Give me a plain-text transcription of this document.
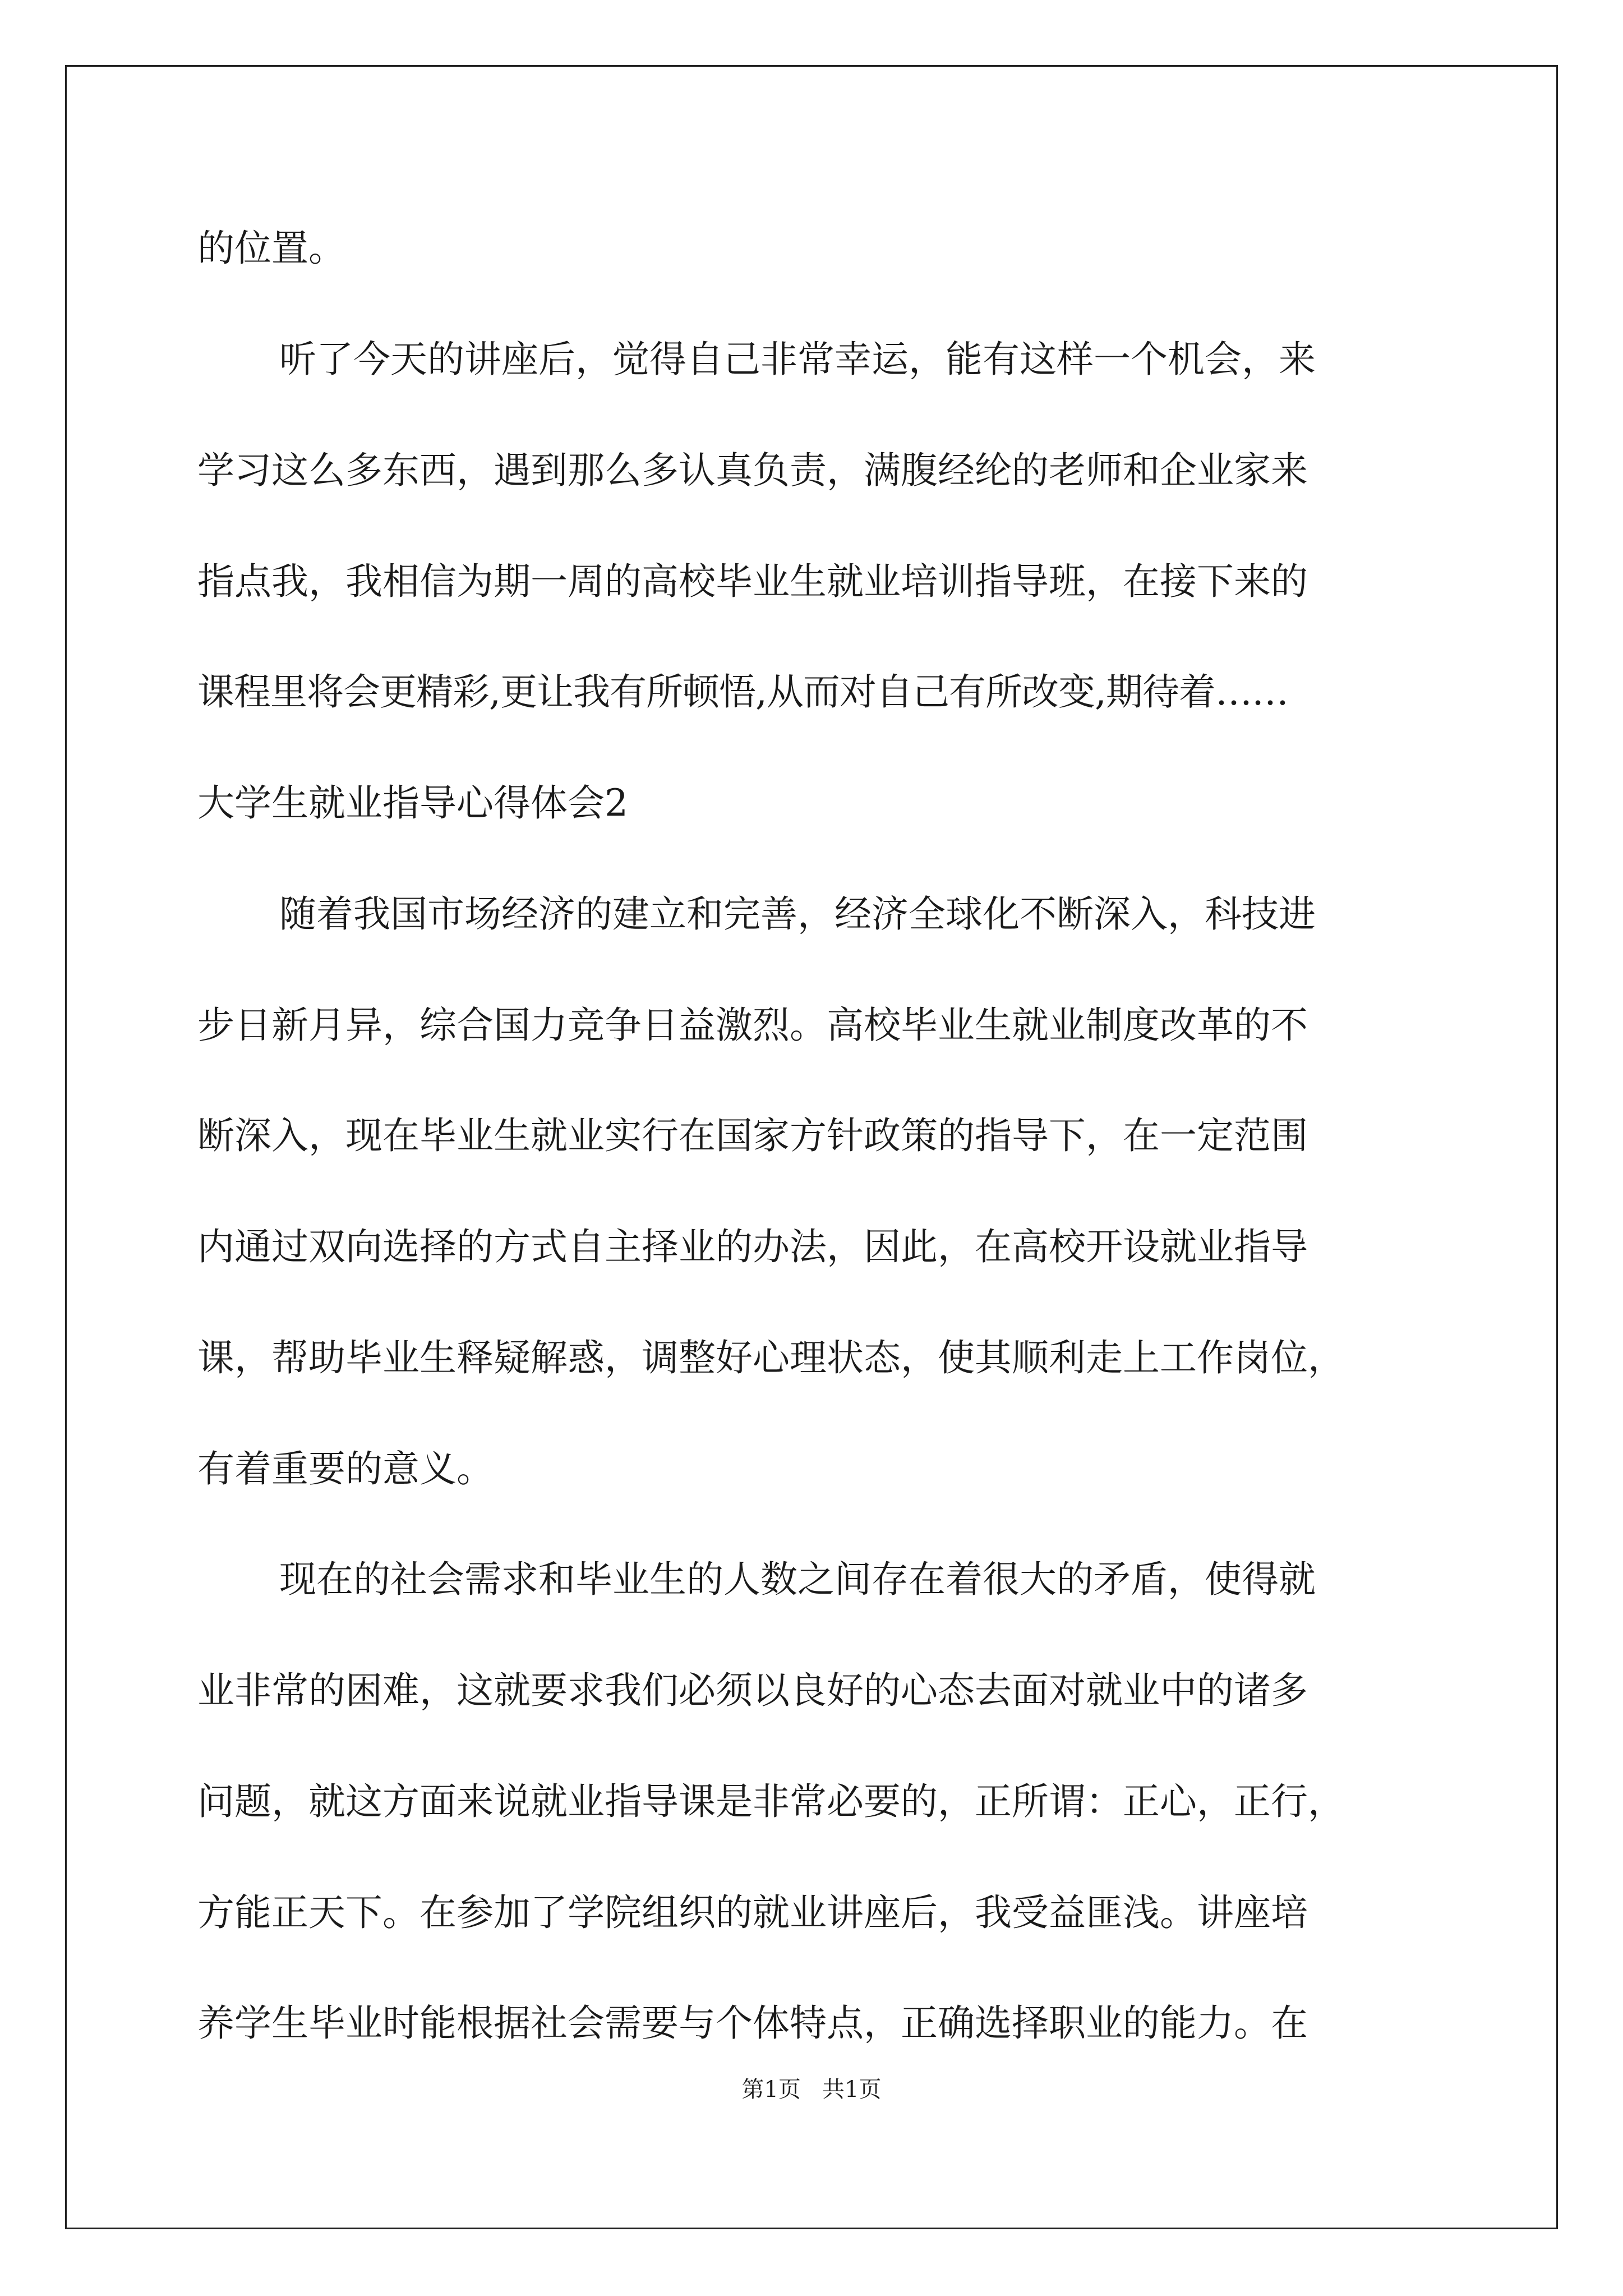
的位置。

听了今天的讲座后，觉得自己非常幸运，能有这样一个机会，来

学习这么多东西，遇到那么多认真负责，满腹经纶的老师和企业家来

指点我，我相信为期一周的高校毕业生就业培训指导班，在接下来的

课程里将会更精彩,更让我有所顿悟,从而对自己有所改变,期待着……

大学生就业指导心得体会2

随着我国市场经济的建立和完善，经济全球化不断深入，科技进

步日新月异，综合国力竞争日益激烈。高校毕业生就业制度改革的不

断深入，现在毕业生就业实行在国家方针政策的指导下，在一定范围

内通过双向选择的方式自主择业的办法，因此，在高校开设就业指导

课，帮助毕业生释疑解惑，调整好心理状态，使其顺利走上工作岗位，

有着重要的意义。

现在的社会需求和毕业生的人数之间存在着很大的矛盾，使得就

业非常的困难，这就要求我们必须以良好的心态去面对就业中的诸多

问题，就这方面来说就业指导课是非常必要的，正所谓：正心，正行，

方能正天下。在参加了学院组织的就业讲座后，我受益匪浅。讲座培

养学生毕业时能根据社会需要与个体特点，正确选择职业的能力。在

第1页   共1页
